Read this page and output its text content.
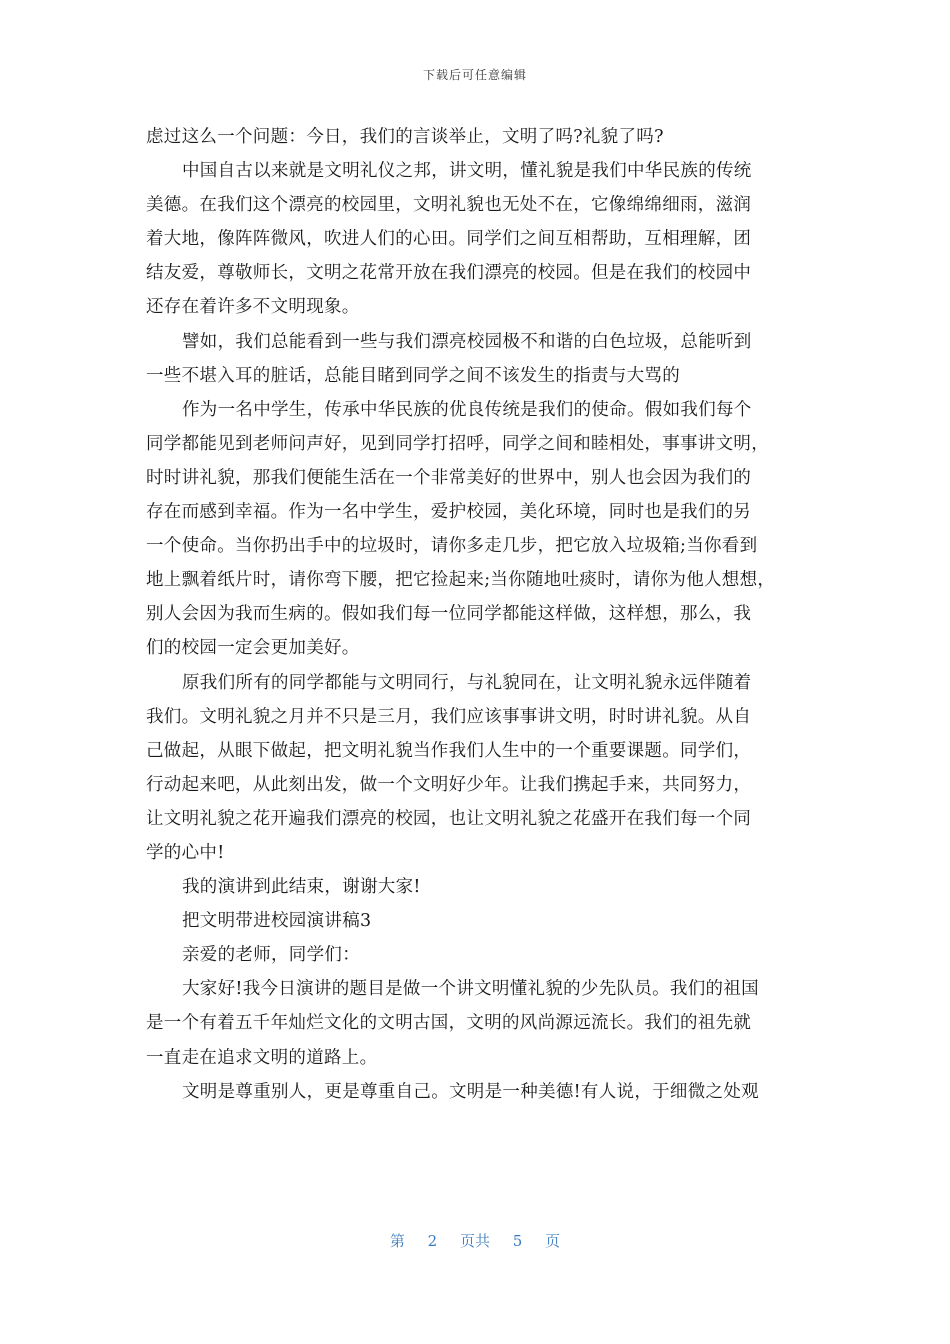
下载后可任意编辑
虑过这么一个问题：今日，我们的言谈举止，文明了吗?礼貌了吗?
中国自古以来就是文明礼仪之邦，讲文明，懂礼貌是我们中华民族的传统
美德。在我们这个漂亮的校园里，文明礼貌也无处不在，它像绵绵细雨，滋润
着大地，像阵阵微风，吹进人们的心田。同学们之间互相帮助，互相理解，团
结友爱，尊敬师长，文明之花常开放在我们漂亮的校园。但是在我们的校园中
还存在着许多不文明现象。
譬如，我们总能看到一些与我们漂亮校园极不和谐的白色垃圾，总能听到
一些不堪入耳的脏话，总能目睹到同学之间不该发生的指责与大骂的
作为一名中学生，传承中华民族的优良传统是我们的使命。假如我们每个
同学都能见到老师问声好，见到同学打招呼，同学之间和睦相处，事事讲文明，
时时讲礼貌，那我们便能生活在一个非常美好的世界中，别人也会因为我们的
存在而感到幸福。作为一名中学生，爱护校园，美化环境，同时也是我们的另
一个使命。当你扔出手中的垃圾时，请你多走几步，把它放入垃圾箱;当你看到
地上飘着纸片时，请你弯下腰，把它捡起来;当你随地吐痰时，请你为他人想想，
别人会因为我而生病的。假如我们每一位同学都能这样做，这样想，那么，我
们的校园一定会更加美好。
原我们所有的同学都能与文明同行，与礼貌同在，让文明礼貌永远伴随着
我们。文明礼貌之月并不只是三月，我们应该事事讲文明，时时讲礼貌。从自
己做起，从眼下做起，把文明礼貌当作我们人生中的一个重要课题。同学们，
行动起来吧，从此刻出发，做一个文明好少年。让我们携起手来，共同努力，
让文明礼貌之花开遍我们漂亮的校园，也让文明礼貌之花盛开在我们每一个同
学的心中!
我的演讲到此结束，谢谢大家!
把文明带进校园演讲稿3
亲爱的老师，同学们：
大家好!我今日演讲的题目是做一个讲文明懂礼貌的少先队员。我们的祖国
是一个有着五千年灿烂文化的文明古国，文明的风尚源远流长。我们的祖先就
一直走在追求文明的道路上。
文明是尊重别人，更是尊重自己。文明是一种美德!有人说，于细微之处观
第 2 页共 5 页
